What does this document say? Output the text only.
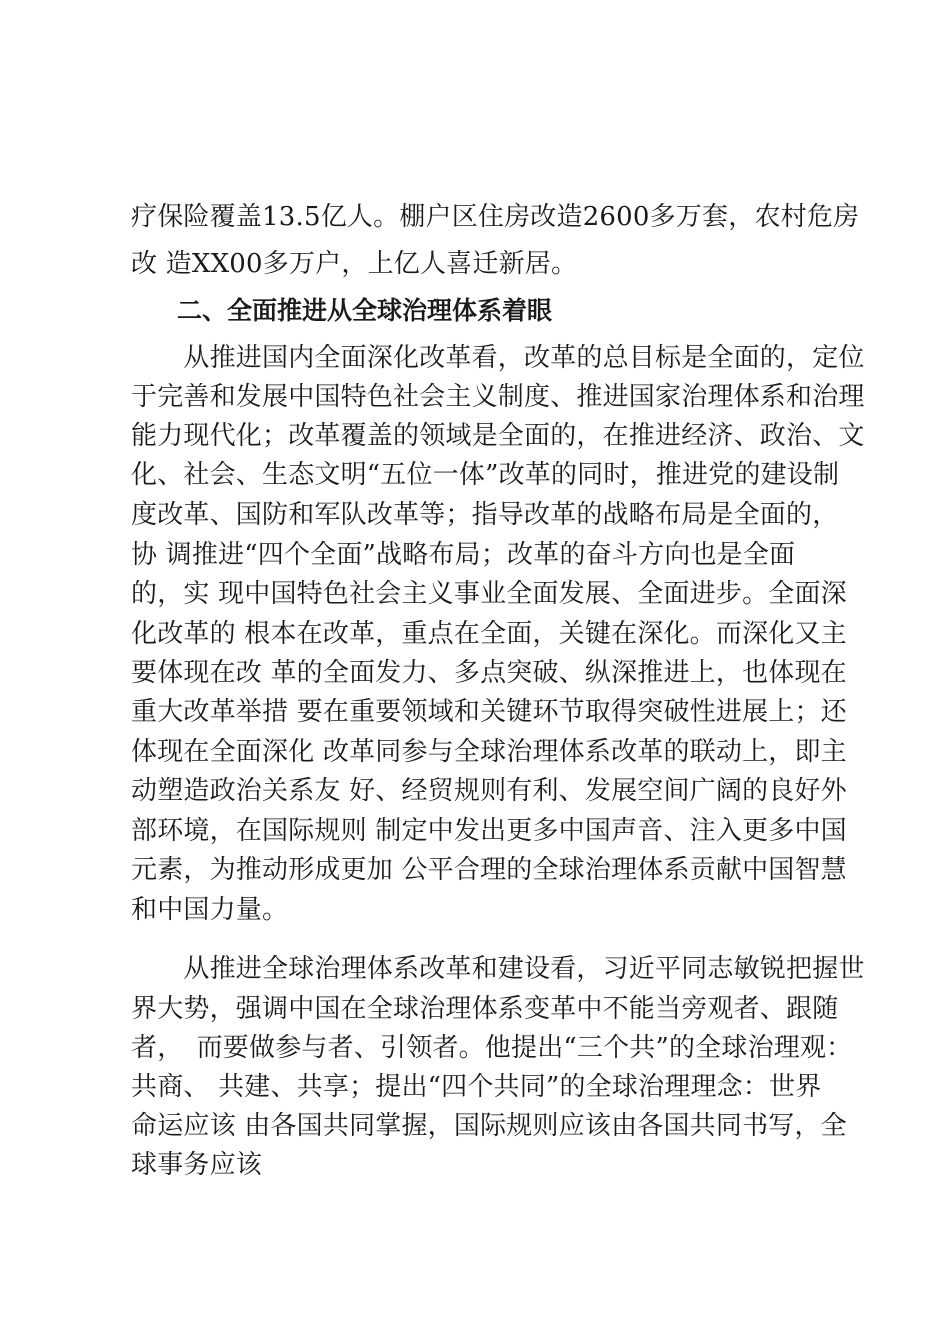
疗保险覆盖13.5亿人。棚户区住房改造2600多万套，农村危房
改 造XX00多万户，上亿人喜迁新居。
二、全面推进从全球治理体系着眼
　　从推进国内全面深化改革看，改革的总目标是全面的，定位
于完善和发展中国特色社会主义制度、推进国家治理体系和治理
能力现代化；改革覆盖的领域是全面的，在推进经济、政治、文
化、社会、生态文明“五位一体”改革的同时，推进党的建设制
度改革、国防和军队改革等；指导改革的战略布局是全面的，
协 调推进“四个全面”战略布局；改革的奋斗方向也是全面
的，实 现中国特色社会主义事业全面发展、全面进步。全面深
化改革的 根本在改革，重点在全面，关键在深化。而深化又主
要体现在改 革的全面发力、多点突破、纵深推进上，也体现在
重大改革举措 要在重要领域和关键环节取得突破性进展上；还
体现在全面深化 改革同参与全球治理体系改革的联动上，即主
动塑造政治关系友 好、经贸规则有利、发展空间广阔的良好外
部环境，在国际规则 制定中发出更多中国声音、注入更多中国
元素，为推动形成更加 公平合理的全球治理体系贡献中国智慧
和中国力量。
　　从推进全球治理体系改革和建设看，习近平同志敏锐把握世
界大势，强调中国在全球治理体系变革中不能当旁观者、跟随
者，　而要做参与者、引领者。他提出“三个共”的全球治理观：
共商、 共建、共享；提出“四个共同”的全球治理理念：世界
命运应该 由各国共同掌握，国际规则应该由各国共同书写，全
球事务应该
